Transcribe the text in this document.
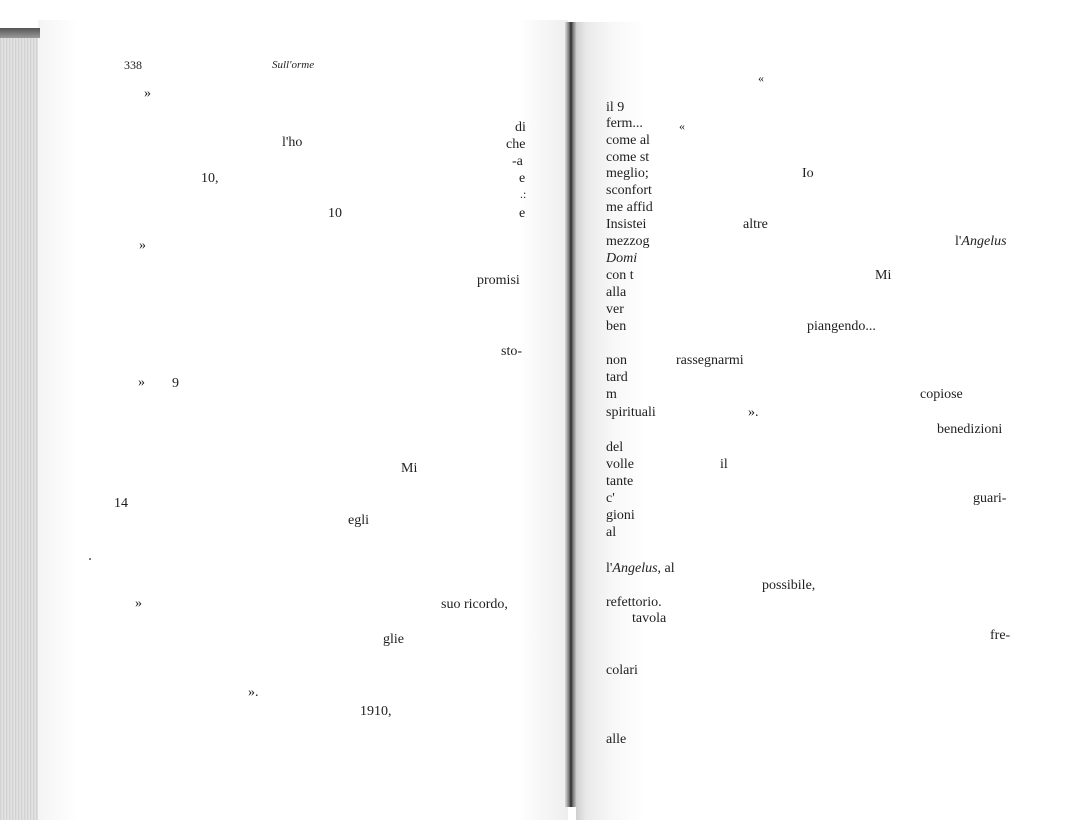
338	Sull'orme
»
di
l'ho	che
-a
10,	e
.:
10	e
»
promisi
sto-
» 9
Mi
14
egli
»	suo ricordo,
glie
».
1910,
«
il 9
ferm...	«
come al
come st
meglio;	Io
sconfort
me affid
Insistei	altre
mezzog	l'Angelus
Domi
con t	Mi
alla
ver
ben	piangendo...
non	rassegnarmi
tard
m	copiose
spirituali	».
benedizioni
del
volle	il
tante
c'	guari-
gioni
al
l'Angelus, al
possibile,
refettorio.
tavola
fre-
colari
alle
